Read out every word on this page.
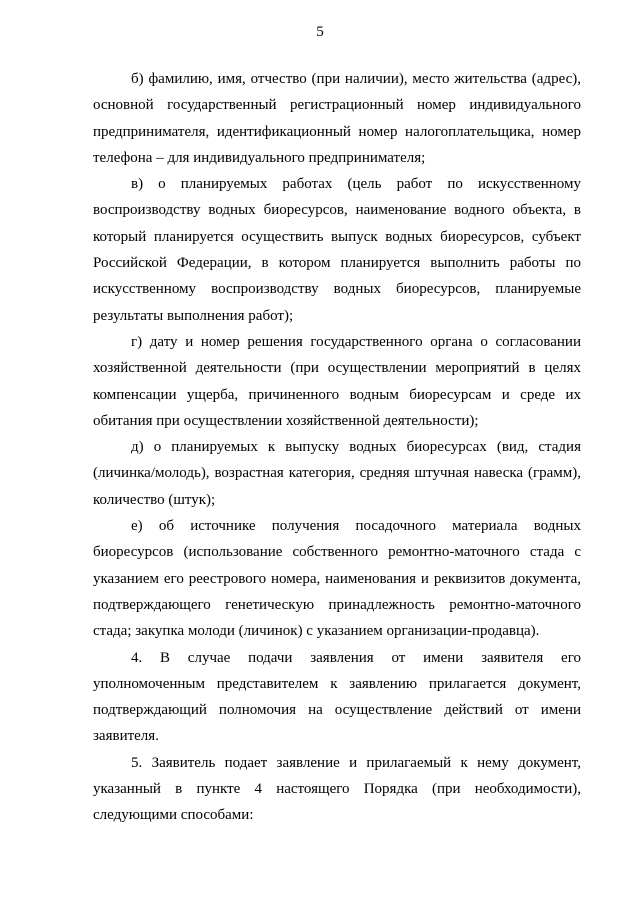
5

б) фамилию, имя, отчество (при наличии), место жительства (адрес), основной государственный регистрационный номер индивидуального предпринимателя, идентификационный номер налогоплательщика, номер телефона – для индивидуального предпринимателя;

в) о планируемых работах (цель работ по искусственному воспроизводству водных биоресурсов, наименование водного объекта, в который планируется осуществить выпуск водных биоресурсов, субъект Российской Федерации, в котором планируется выполнить работы по искусственному воспроизводству водных биоресурсов, планируемые результаты выполнения работ);

г) дату и номер решения государственного органа о согласовании хозяйственной деятельности (при осуществлении мероприятий в целях компенсации ущерба, причиненного водным биоресурсам и среде их обитания при осуществлении хозяйственной деятельности);

д) о планируемых к выпуску водных биоресурсах (вид, стадия (личинка/молодь), возрастная категория, средняя штучная навеска (грамм), количество (штук);

е) об источнике получения посадочного материала водных биоресурсов (использование собственного ремонтно-маточного стада с указанием его реестрового номера, наименования и реквизитов документа, подтверждающего генетическую принадлежность ремонтно-маточного стада; закупка молоди (личинок) с указанием организации-продавца).

4. В случае подачи заявления от имени заявителя его уполномоченным представителем к заявлению прилагается документ, подтверждающий полномочия на осуществление действий от имени заявителя.

5. Заявитель подает заявление и прилагаемый к нему документ, указанный в пункте 4 настоящего Порядка (при необходимости), следующими способами:
